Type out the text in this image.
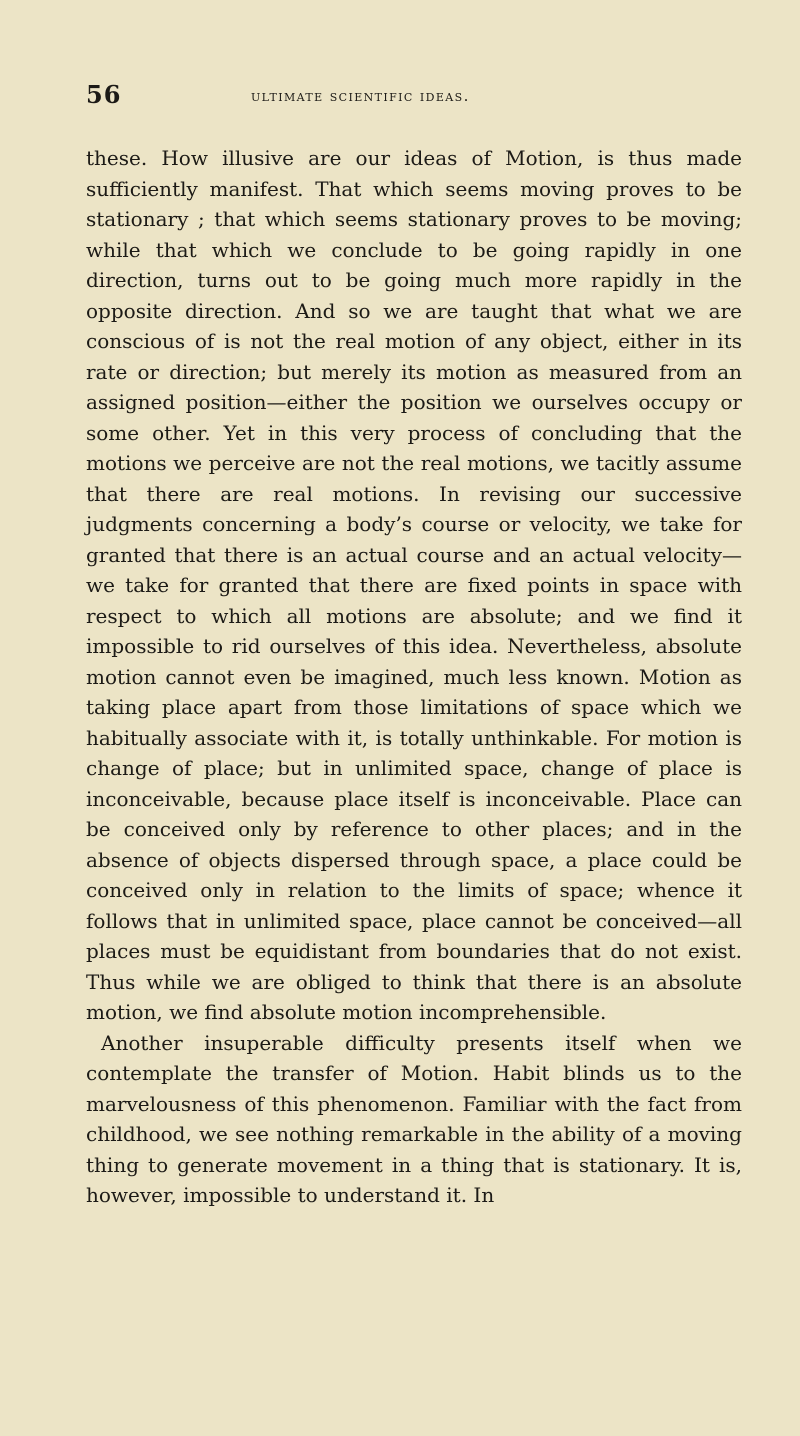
56	ultimate scientific ideas.

these. How illusive are our ideas of Motion, is thus made sufficiently manifest. That which seems moving proves to be stationary ; that which seems stationary proves to be moving; while that which we conclude to be going rapidly in one direction, turns out to be going much more rapidly in the opposite direction. And so we are taught that what we are conscious of is not the real motion of any object, either in its rate or direction; but merely its motion as measured from an assigned position—either the position we ourselves occupy or some other. Yet in this very process of concluding that the motions we perceive are not the real motions, we tacitly assume that there are real motions. In revising our successive judgments concerning a body’s course or velocity, we take for granted that there is an actual course and an actual velocity—we take for granted that there are fixed points in space with respect to which all motions are absolute; and we find it impossible to rid ourselves of this idea. Nevertheless, absolute motion cannot even be imagined, much less known. Motion as taking place apart from those limitations of space which we habitually associate with it, is totally unthinkable. For motion is change of place; but in unlimited space, change of place is inconceivable, because place itself is inconceivable. Place can be conceived only by reference to other places; and in the absence of objects dispersed through space, a place could be conceived only in relation to the limits of space; whence it follows that in unlimited space, place cannot be conceived—all places must be equidistant from boundaries that do not exist. Thus while we are obliged to think that there is an absolute motion, we find absolute motion incomprehensible.

Another insuperable difficulty presents itself when we contemplate the transfer of Motion. Habit blinds us to the marvelousness of this phenomenon. Familiar with the fact from childhood, we see nothing remarkable in the ability of a moving thing to generate movement in a thing that is stationary. It is, however, impossible to understand it. In
